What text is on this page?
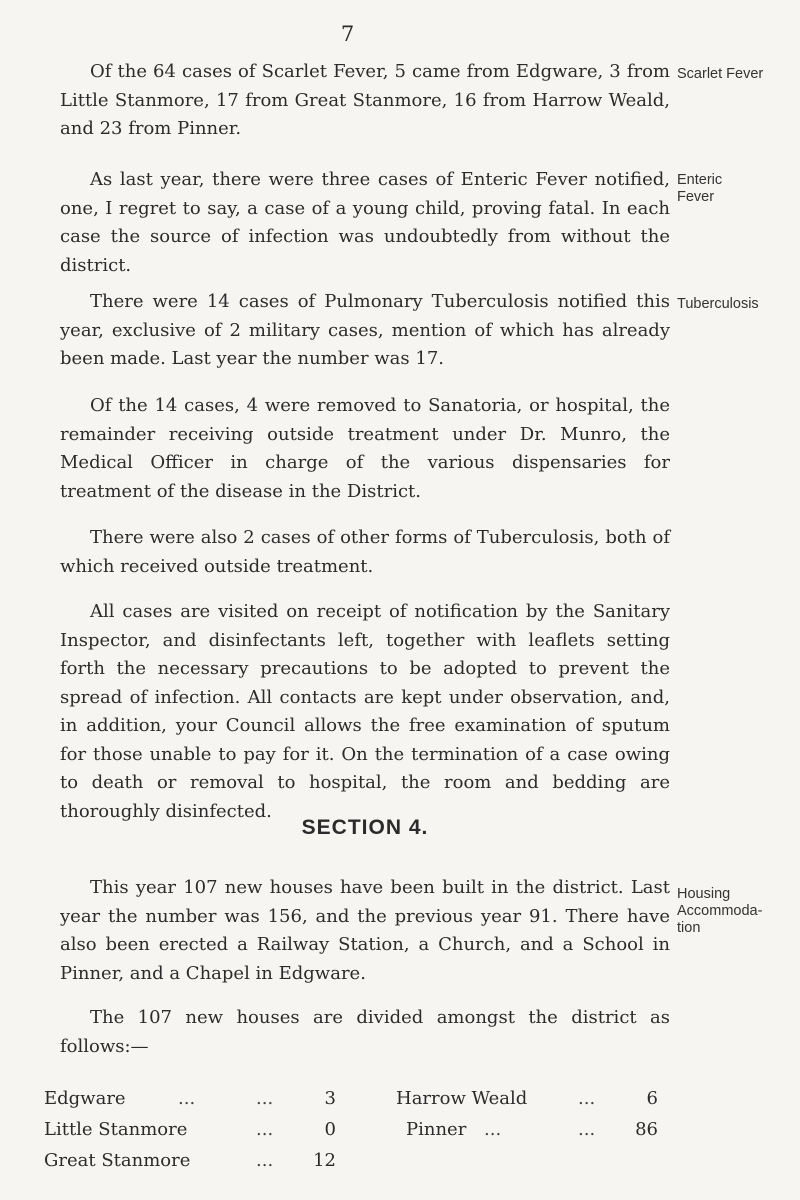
7

Of the 64 cases of Scarlet Fever, 5 came from Edgware, 3 from Little Stanmore, 17 from Great Stanmore, 16 from Harrow Weald, and 23 from Pinner.

Scarlet Fever

As last year, there were three cases of Enteric Fever notified, one, I regret to say, a case of a young child, proving fatal. In each case the source of infection was undoubtedly from without the district.

Enteric Fever

There were 14 cases of Pulmonary Tuberculosis notified this year, exclusive of 2 military cases, mention of which has already been made. Last year the number was 17.

Tuberculosis

Of the 14 cases, 4 were removed to Sanatoria, or hospital, the remainder receiving outside treatment under Dr. Munro, the Medical Officer in charge of the various dispensaries for treatment of the disease in the District.

There were also 2 cases of other forms of Tuberculosis, both of which received outside treatment.

All cases are visited on receipt of notification by the Sanitary Inspector, and disinfectants left, together with leaflets setting forth the necessary precautions to be adopted to prevent the spread of infection. All contacts are kept under observation, and, in addition, your Council allows the free examination of sputum for those unable to pay for it. On the termination of a case owing to death or removal to hospital, the room and bedding are thoroughly disinfected.

SECTION 4.

This year 107 new houses have been built in the district. Last year the number was 156, and the previous year 91. There have also been erected a Railway Station, a Church, and a School in Pinner, and a Chapel in Edgware.

Housing Accommoda-tion

The 107 new houses are divided amongst the district as follows:—

Edgware	...	...	3	Harrow Weald	...	6
Little Stanmore	...	0	Pinner ...	...	86
Great Stanmore	...	12
